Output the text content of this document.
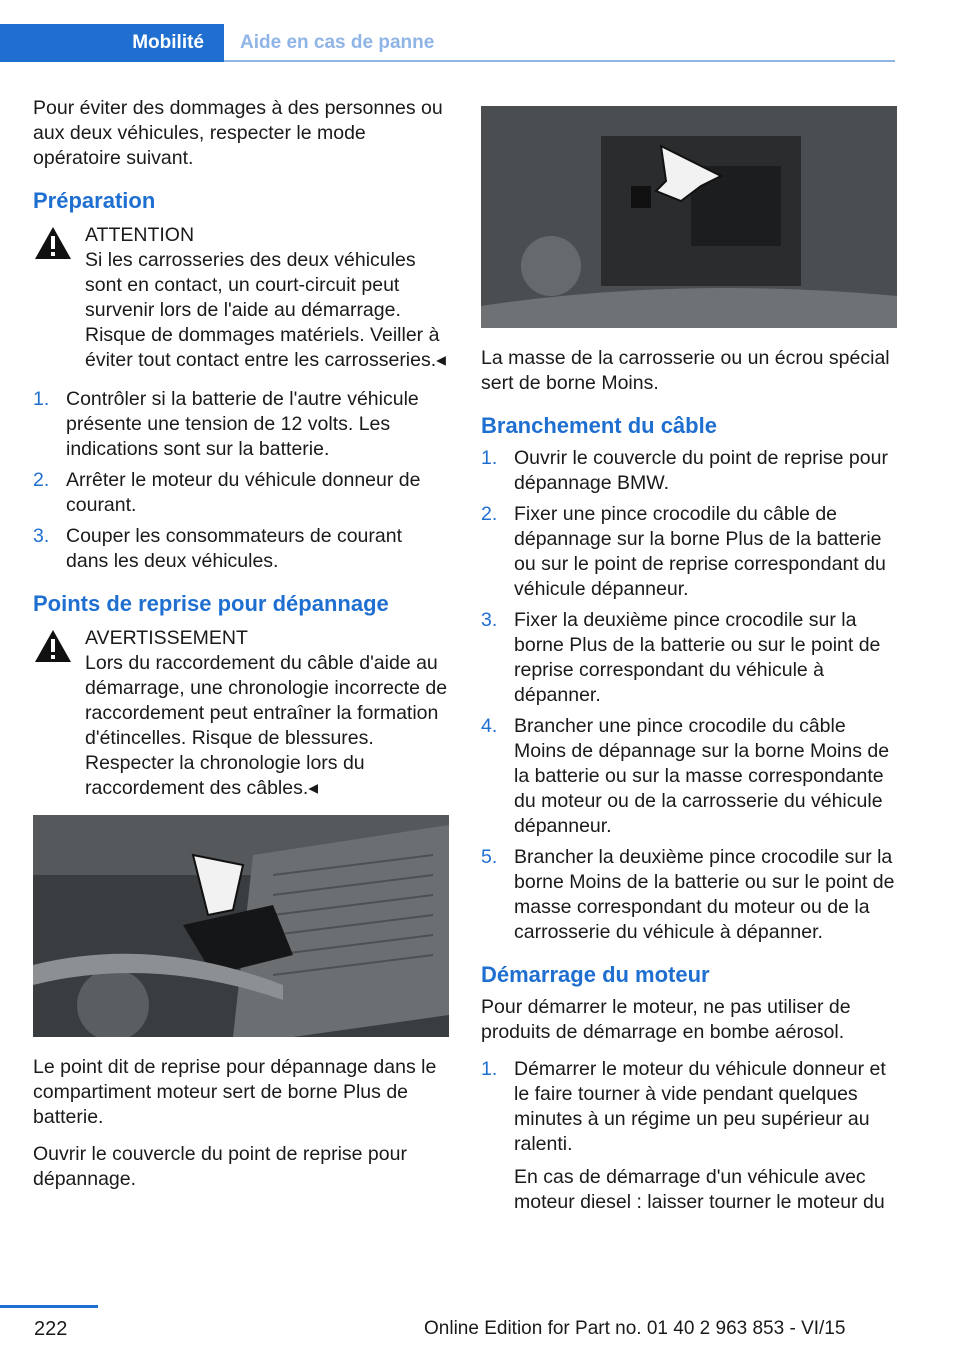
Mobilité	Aide en cas de panne

Pour éviter des dommages à des personnes ou aux deux véhicules, respecter le mode opératoire suivant.

Préparation
ATTENTION
Si les carrosseries des deux véhicules sont en contact, un court-circuit peut survenir lors de l'aide au démarrage. Risque de dommages matériels. Veiller à éviter tout contact entre les carrosseries.◂
1. Contrôler si la batterie de l'autre véhicule présente une tension de 12 volts. Les indications sont sur la batterie.
2. Arrêter le moteur du véhicule donneur de courant.
3. Couper les consommateurs de courant dans les deux véhicules.
Points de reprise pour dépannage
AVERTISSEMENT
Lors du raccordement du câble d'aide au démarrage, une chronologie incorrecte de raccordement peut entraîner la formation d'étincelles. Risque de blessures. Respecter la chronologie lors du raccordement des câbles.◂

Le point dit de reprise pour dépannage dans le compartiment moteur sert de borne Plus de batterie.

Ouvrir le couvercle du point de reprise pour dépannage.

La masse de la carrosserie ou un écrou spécial sert de borne Moins.

Branchement du câble
1. Ouvrir le couvercle du point de reprise pour dépannage BMW.
2. Fixer une pince crocodile du câble de dépannage sur la borne Plus de la batterie ou sur le point de reprise correspondant du véhicule dépanneur.
3. Fixer la deuxième pince crocodile sur la borne Plus de la batterie ou sur le point de reprise correspondant du véhicule à dépanner.
4. Brancher une pince crocodile du câble Moins de dépannage sur la borne Moins de la batterie ou sur la masse correspondante du moteur ou de la carrosserie du véhicule dépanneur.
5. Brancher la deuxième pince crocodile sur la borne Moins de la batterie ou sur le point de masse correspondant du moteur ou de la carrosserie du véhicule à dépanner.
Démarrage du moteur

Pour démarrer le moteur, ne pas utiliser de produits de démarrage en bombe aérosol.

1. Démarrer le moteur du véhicule donneur et le faire tourner à vide pendant quelques minutes à un régime un peu supérieur au ralenti.
En cas de démarrage d'un véhicule avec moteur diesel : laisser tourner le moteur du
222	Online Edition for Part no. 01 40 2 963 853 - VI/15
